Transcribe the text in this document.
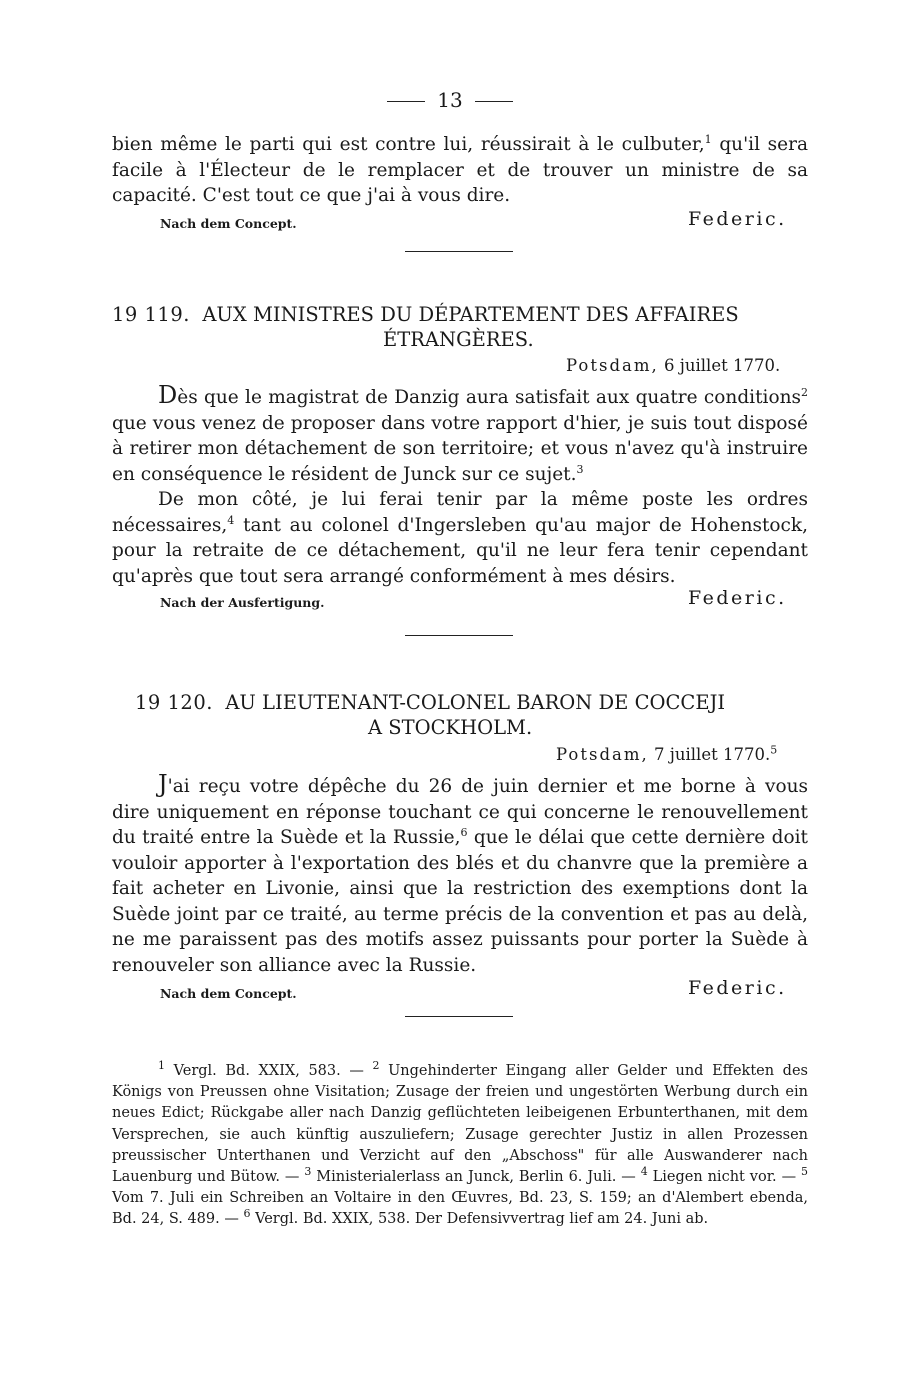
13

bien même le parti qui est contre lui, réussirait à le culbuter,$^1$ qu'il sera facile à l'Électeur de le remplacer et de trouver un ministre de sa capacité. C'est tout ce que j'ai à vous dire.

Nach dem Concept.	Federic.
19 119. AUX MINISTRES DU DÉPARTEMENT DES AFFAIRES
ÉTRANGÈRES.
Potsdam, 6 juillet 1770.

Dès que le magistrat de Danzig aura satisfait aux quatre conditions$^2$ que vous venez de proposer dans votre rapport d'hier, je suis tout disposé à retirer mon détachement de son territoire; et vous n'avez qu'à instruire en conséquence le résident de Junck sur ce sujet.$^3$

De mon côté, je lui ferai tenir par la même poste les ordres nécessaires,$^4$ tant au colonel d'Ingersleben qu'au major de Hohenstock, pour la retraite de ce détachement, qu'il ne leur fera tenir cependant qu'après que tout sera arrangé conformément à mes désirs.

Nach der Ausfertigung.	Federic.
19 120. AU LIEUTENANT-COLONEL BARON DE COCCEJI
A STOCKHOLM.
Potsdam, 7 juillet 1770.$^5$

J'ai reçu votre dépêche du 26 de juin dernier et me borne à vous dire uniquement en réponse touchant ce qui concerne le renouvellement du traité entre la Suède et la Russie,$^6$ que le délai que cette dernière doit vouloir apporter à l'exportation des blés et du chanvre que la première a fait acheter en Livonie, ainsi que la restriction des exemptions dont la Suède joint par ce traité, au terme précis de la convention et pas au delà, ne me paraissent pas des motifs assez puissants pour porter la Suède à renouveler son alliance avec la Russie.

Nach dem Concept.	Federic.

$^1$ Vergl. Bd. XXIX, 583. — $^2$ Ungehinderter Eingang aller Gelder und Effekten des Königs von Preussen ohne Visitation; Zusage der freien und ungestörten Werbung durch ein neues Edict; Rückgabe aller nach Danzig geflüchteten leibeigenen Erbunterthanen, mit dem Versprechen, sie auch künftig auszuliefern; Zusage gerechter Justiz in allen Prozessen preussischer Unterthanen und Verzicht auf den „Abschoss" für alle Auswanderer nach Lauenburg und Bütow. — $^3$ Ministerialerlass an Junck, Berlin 6. Juli. — $^4$ Liegen nicht vor. — $^5$ Vom 7. Juli ein Schreiben an Voltaire in den Œuvres, Bd. 23, S. 159; an d'Alembert ebenda, Bd. 24, S. 489. — $^6$ Vergl. Bd. XXIX, 538. Der Defensivvertrag lief am 24. Juni ab.
